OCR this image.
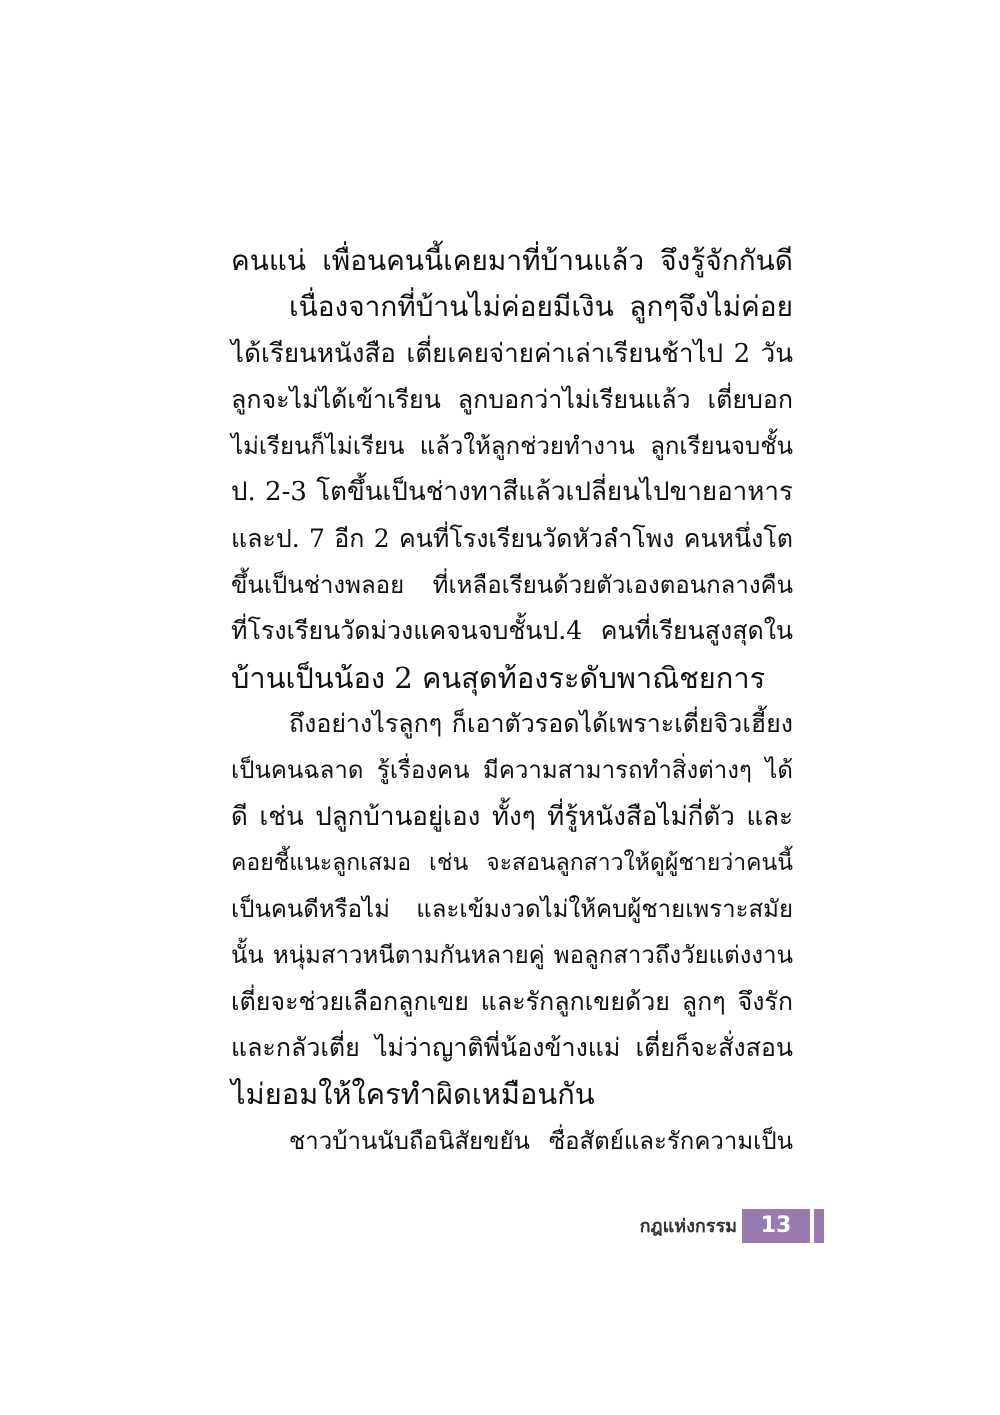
คนแน่ เพื่อนคนนี้เคยมาที่บ้านแล้ว จึงรู้จักกันดี
เนื่องจากที่บ้านไม่ค่อยมีเงิน ลูกๆจึงไม่ค่อย
ได้เรียนหนังสือ เตี่ยเคยจ่ายค่าเล่าเรียนช้าไป 2 วัน
ลูกจะไม่ได้เข้าเรียน ลูกบอกว่าไม่เรียนแล้ว เตี่ยบอก
ไม่เรียนก็ไม่เรียน แล้วให้ลูกช่วยทำงาน ลูกเรียนจบชั้น
ป. 2-3 โตขึ้นเป็นช่างทาสีแล้วเปลี่ยนไปขายอาหาร
และป. 7 อีก 2 คนที่โรงเรียนวัดหัวลำโพง คนหนึ่งโต
ขึ้นเป็นช่างพลอย ที่เหลือเรียนด้วยตัวเองตอนกลางคืน
ที่โรงเรียนวัดม่วงแคจนจบชั้นป.4 คนที่เรียนสูงสุดใน
บ้านเป็นน้อง 2 คนสุดท้องระดับพาณิชยการ
ถึงอย่างไรลูกๆ ก็เอาตัวรอดได้เพราะเตี่ยจิวเฮี้ยง
เป็นคนฉลาด รู้เรื่องคน มีความสามารถทำสิ่งต่างๆ ได้
ดี เช่น ปลูกบ้านอยู่เอง ทั้งๆ ที่รู้หนังสือไม่กี่ตัว และ
คอยชี้แนะลูกเสมอ เช่น จะสอนลูกสาวให้ดูผู้ชายว่าคนนี้
เป็นคนดีหรือไม่ และเข้มงวดไม่ให้คบผู้ชายเพราะสมัย
นั้น หนุ่มสาวหนีตามกันหลายคู่ พอลูกสาวถึงวัยแต่งงาน
เตี่ยจะช่วยเลือกลูกเขย และรักลูกเขยด้วย ลูกๆ จึงรัก
และกลัวเตี่ย ไม่ว่าญาติพี่น้องข้างแม่ เตี่ยก็จะสั่งสอน
ไม่ยอมให้ใครทำผิดเหมือนกัน
ชาวบ้านนับถือนิสัยขยัน ซื่อสัตย์และรักความเป็น
กฎแห่งกรรม	13
